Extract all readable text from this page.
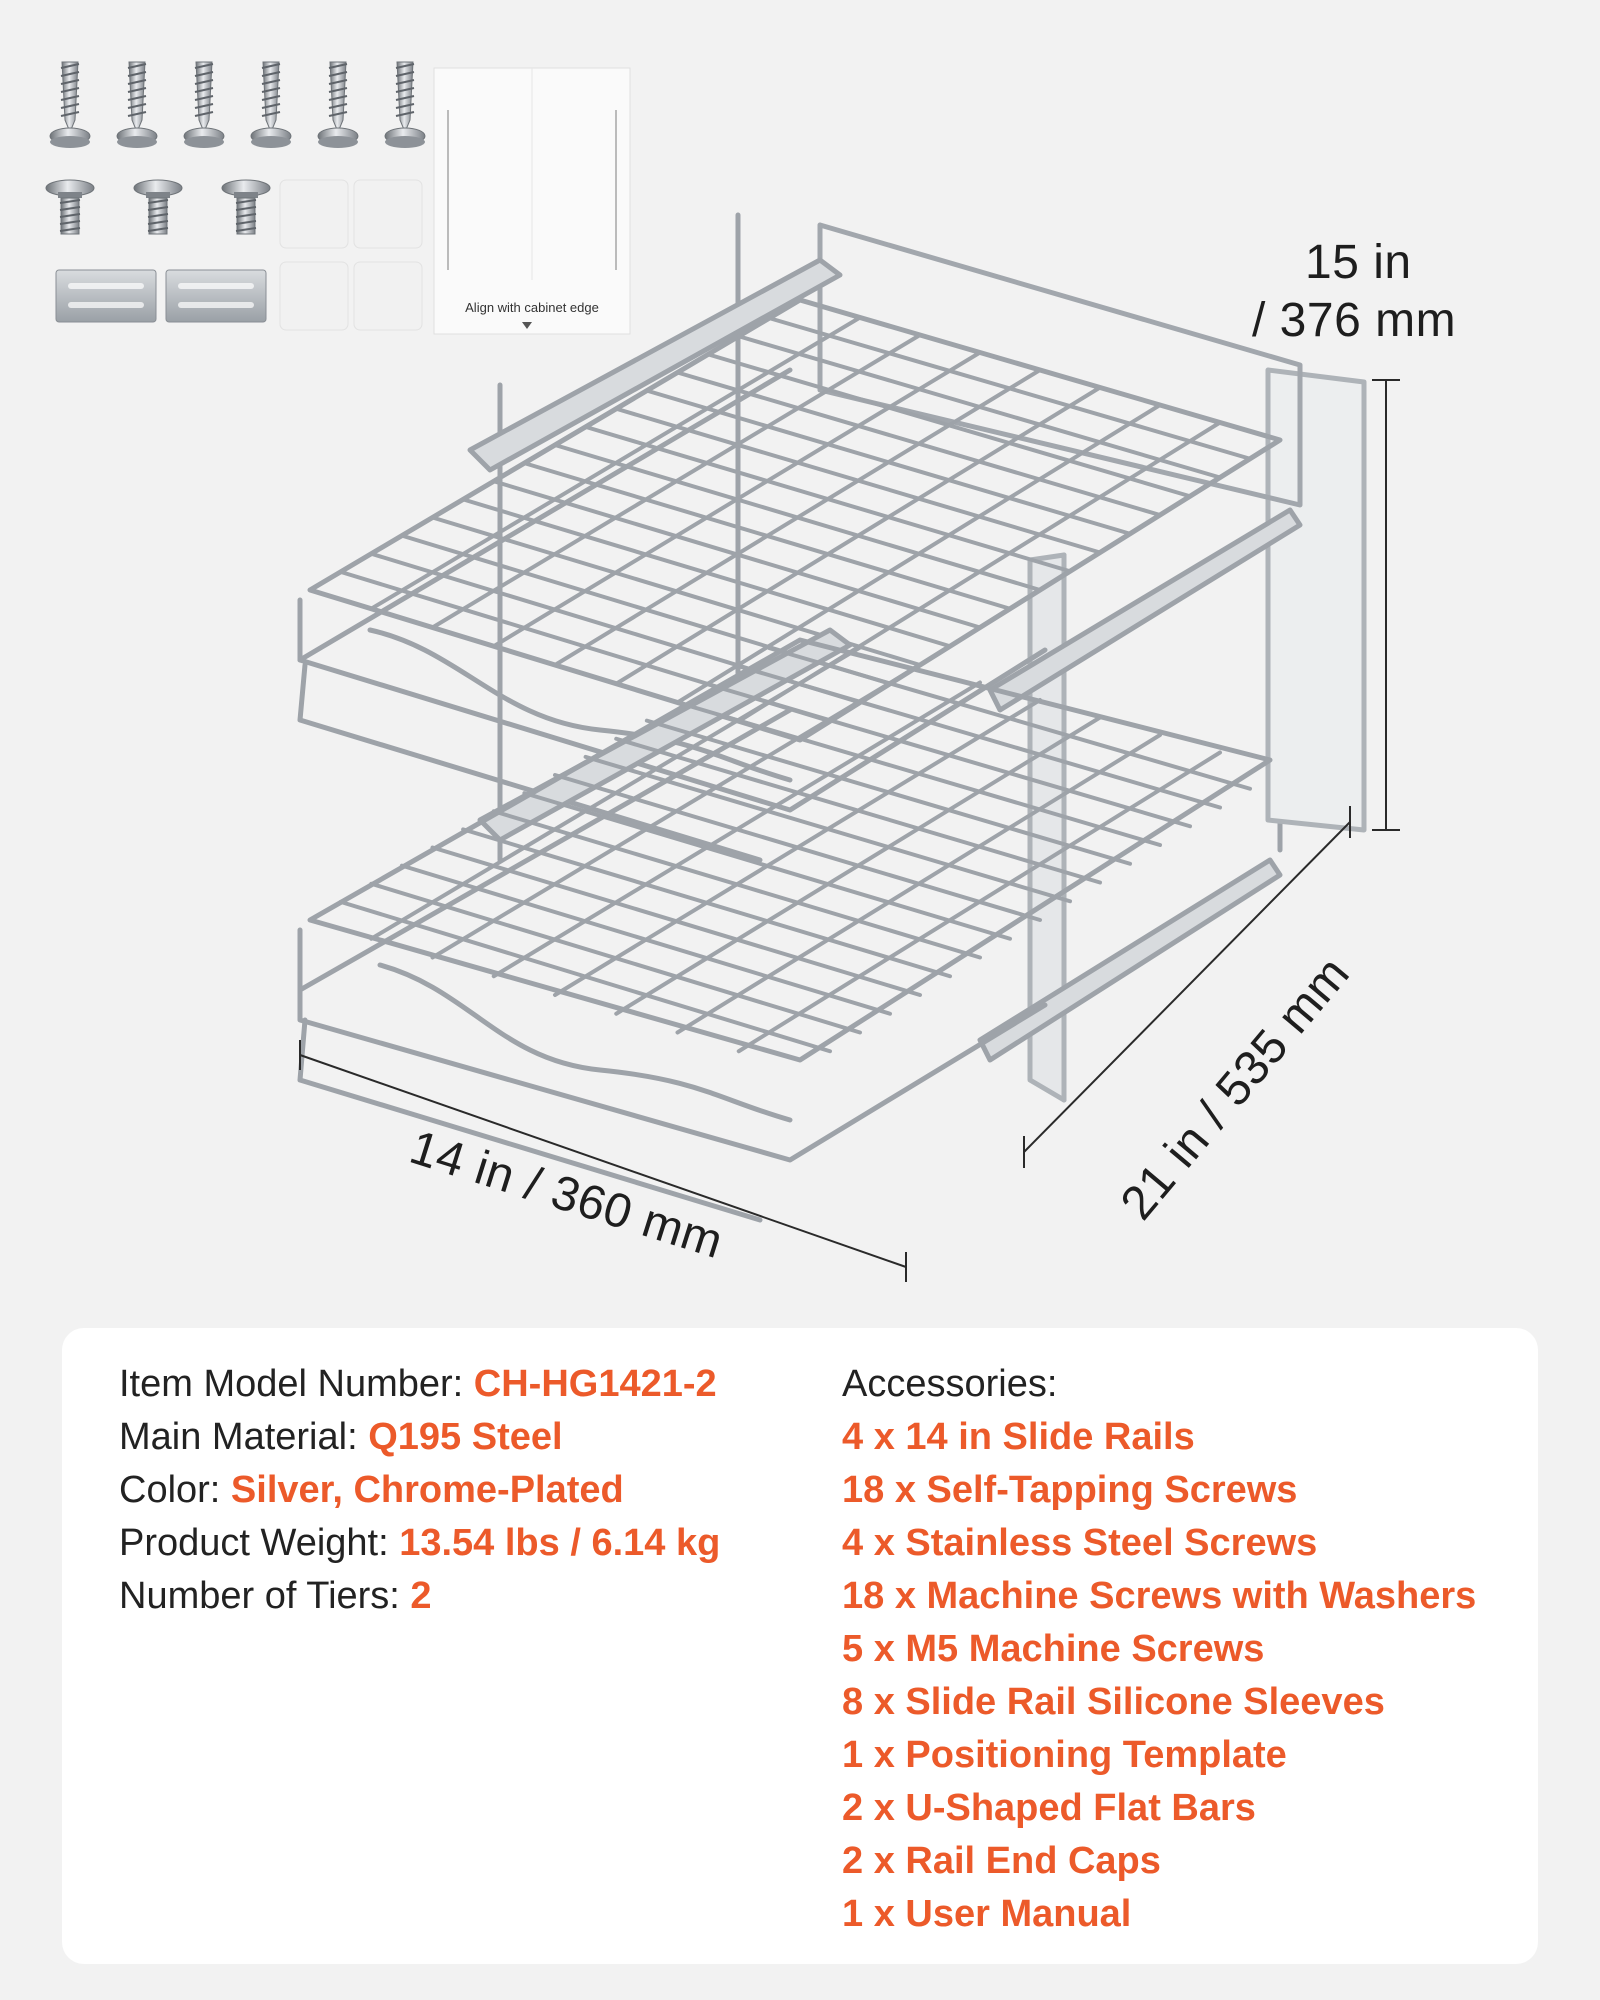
Align with cabinet edge
15 in
/ 376 mm
14 in / 360 mm	21 in / 535 mm
Item Model Number: CH-HG1421-2
Main Material: Q195 Steel
Color: Silver, Chrome-Plated
Product Weight: 13.54 lbs / 6.14 kg
Number of Tiers: 2
Accessories:
4 x 14 in Slide Rails
18 x Self-Tapping Screws
4 x Stainless Steel Screws
18 x Machine Screws with Washers
5 x M5 Machine Screws
8 x Slide Rail Silicone Sleeves
1 x Positioning Template
2 x U-Shaped Flat Bars
2 x Rail End Caps
1 x User Manual
